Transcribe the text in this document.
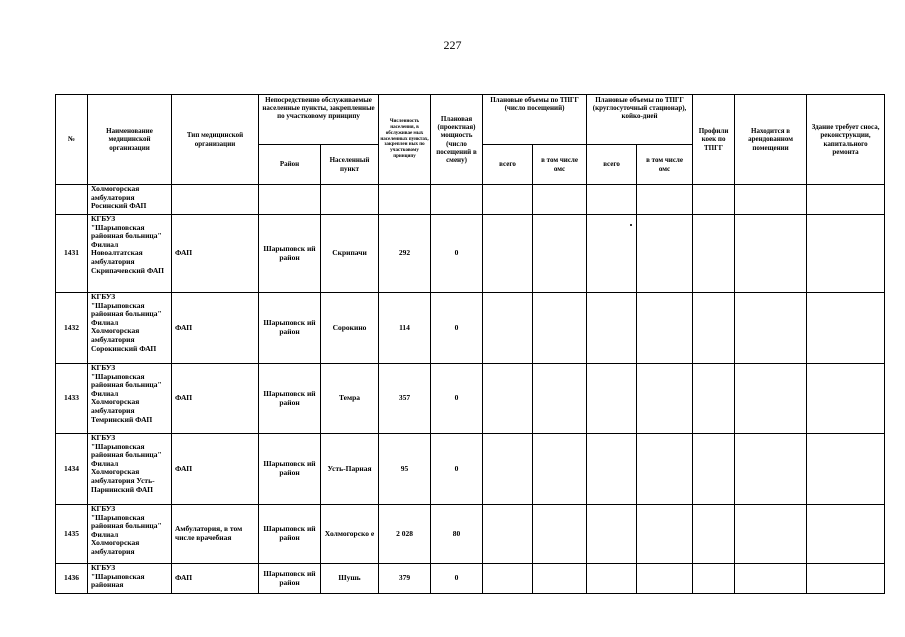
227
№	Наименование медицинской организации	Тип медицинской организации	Непосредственно обслуживаемые населенные пункты, закрепленные по участковому принципу		Численность населения, в обслуживае мых населенных пунктах, закреплен ных по участковому принципу	Плановая (проектная) мощность (число посещений в смену)	Плановые объемы по ТПГГ (число посещений)		Плановые объемы по ТПГГ (круглосуточный стационар), койко-дней		Профили коек по ТПГГ	Находится в арендованном помещении	Здание требует сноса, реконструкции, капитального ремонта
			Район	Населенный пункт			всего	в том числе омс	всего	в том числе омс			
	Холмогорская амбулатория Росинский ФАП												
1431	КГБУЗ "Шарыповская районная больница" Филиал Новоалтатская амбулатория Скрипачевский ФАП	ФАП	Шарыповск ий район	Скрипачи	292	0							
1432	КГБУЗ "Шарыповская районная больница" Филиал Холмогорская амбулатория Сорокинский ФАП	ФАП	Шарыповск ий район	Сорокино	114	0							
1433	КГБУЗ "Шарыповская районная больница" Филиал Холмогорская амбулатория Темринский ФАП	ФАП	Шарыповск ий район	Темра	357	0							
1434	КГБУЗ "Шарыповская районная больница" Филиал Холмогорская амбулатория Усть-Парнинский ФАП	ФАП	Шарыповск ий район	Усть-Парная	95	0							
1435	КГБУЗ "Шарыповская районная больница" Филиал Холмогорская амбулатория	Амбулатория, в том числе врачебная	Шарыповск ий район	Холмогорско е	2 028	80							
1436	КГБУЗ "Шарыповская районная	ФАП	Шарыповск ий район	Шушь	379	0							
